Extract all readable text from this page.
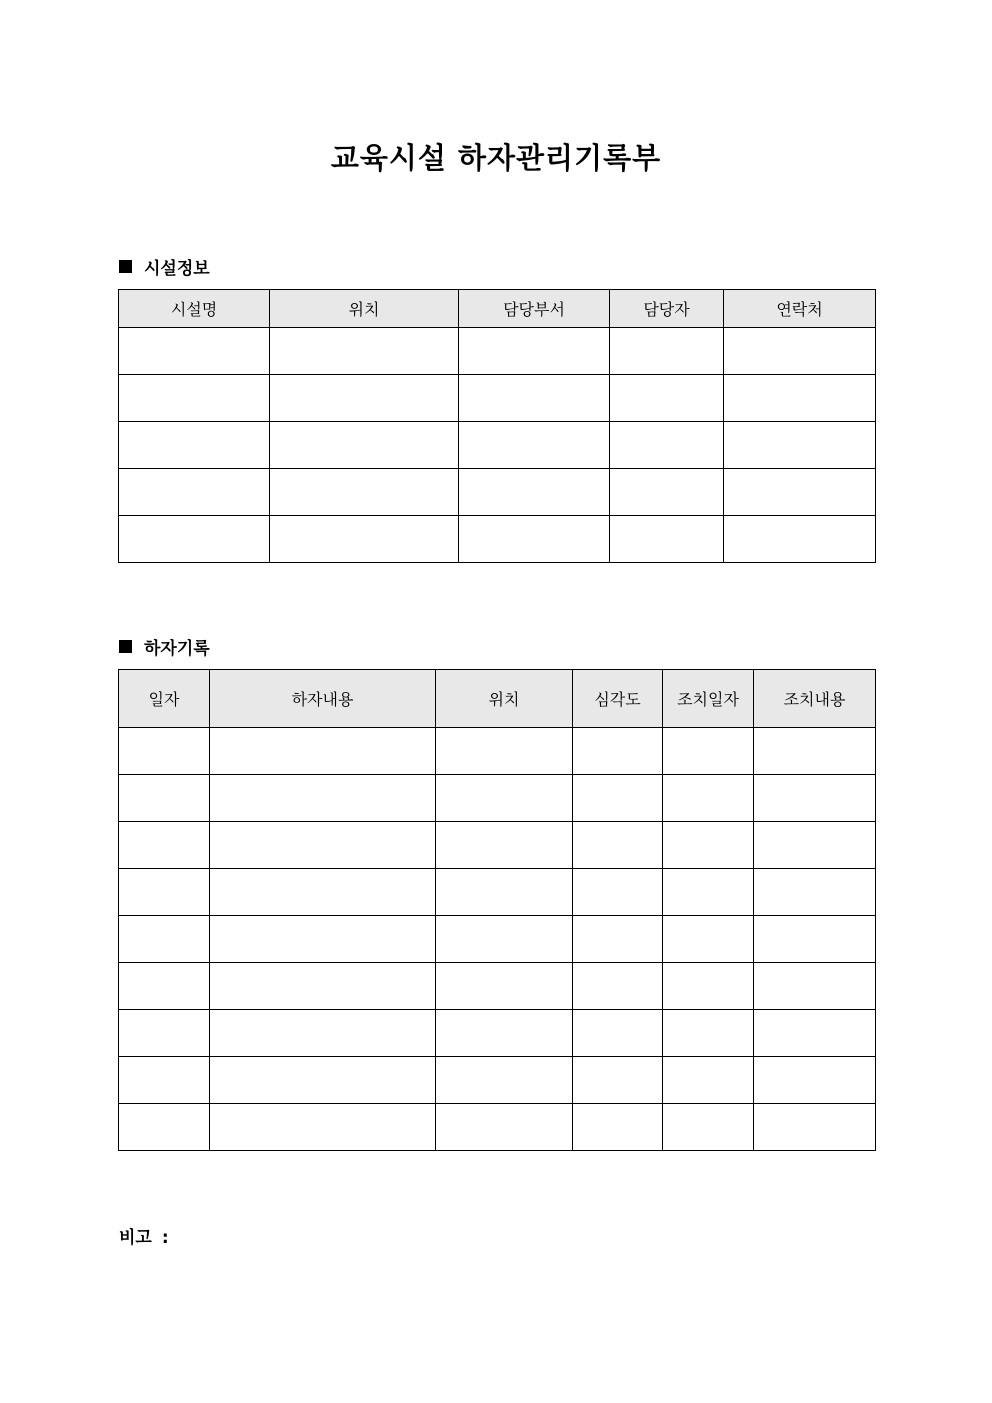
교육시설 하자관리기록부
시설정보
시설명	위치	담당부서	담당자	연락처

하자기록
일자	하자내용	위치	심각도	조치일자	조치내용

비고 :
